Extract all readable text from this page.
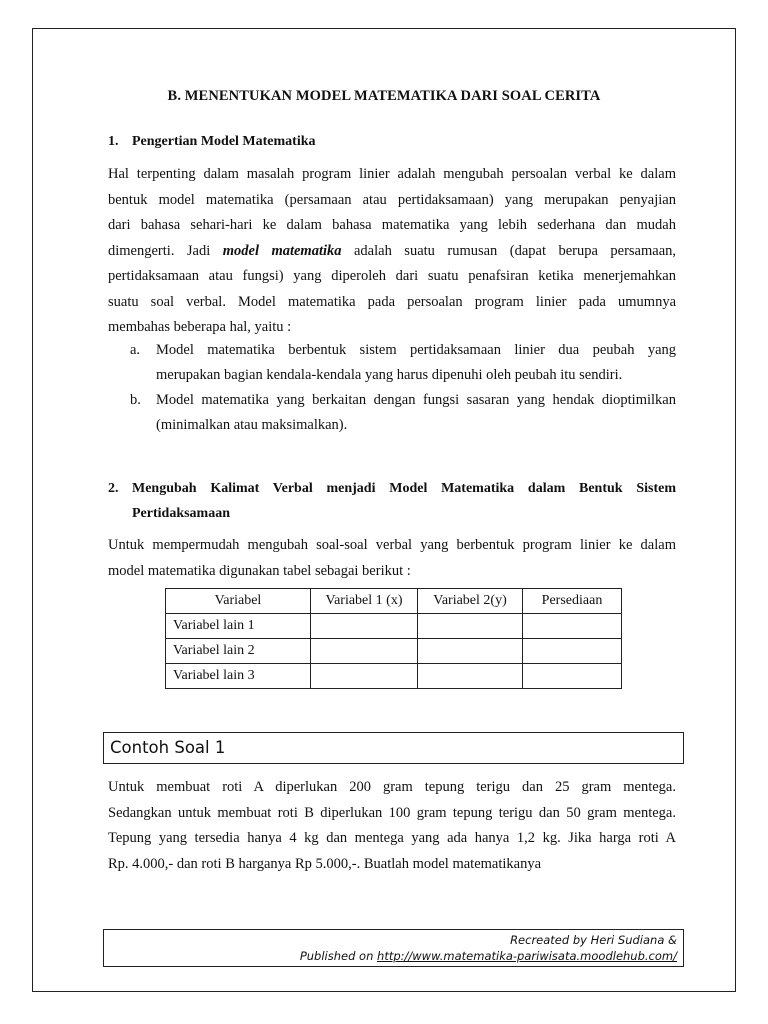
B. MENENTUKAN MODEL MATEMATIKA DARI SOAL CERITA
1. Pengertian Model Matematika
Hal terpenting dalam masalah program linier adalah mengubah persoalan verbal ke dalam
bentuk model matematika (persamaan atau pertidaksamaan) yang merupakan penyajian
dari bahasa sehari-hari ke dalam bahasa matematika yang lebih sederhana dan mudah
dimengerti. Jadi model matematika adalah suatu rumusan (dapat berupa persamaan,
pertidaksamaan atau fungsi) yang diperoleh dari suatu penafsiran ketika menerjemahkan
suatu soal verbal. Model matematika pada persoalan program linier pada umumnya
membahas beberapa hal, yaitu :
a. Model matematika berbentuk sistem pertidaksamaan linier dua peubah yang
merupakan bagian kendala-kendala yang harus dipenuhi oleh peubah itu sendiri.
b. Model matematika yang berkaitan dengan fungsi sasaran yang hendak dioptimilkan
(minimalkan atau maksimalkan).
2. Mengubah Kalimat Verbal menjadi Model Matematika dalam Bentuk Sistem
Pertidaksamaan
Untuk mempermudah mengubah soal-soal verbal yang berbentuk program linier ke dalam
model matematika digunakan tabel sebagai berikut :
Variabel	Variabel 1 (x)	Variabel 2(y)	Persediaan
Variabel lain 1			
Variabel lain 2			
Variabel lain 3			
Contoh Soal 1
Untuk membuat roti A diperlukan 200 gram tepung terigu dan 25 gram mentega.
Sedangkan untuk membuat roti B diperlukan 100 gram tepung terigu dan 50 gram mentega.
Tepung yang tersedia hanya 4 kg dan mentega yang ada hanya 1,2 kg. Jika harga roti A
Rp. 4.000,- dan roti B harganya Rp 5.000,-. Buatlah model matematikanya
Recreated by Heri Sudiana &
Published on http://www.matematika-pariwisata.moodlehub.com/
